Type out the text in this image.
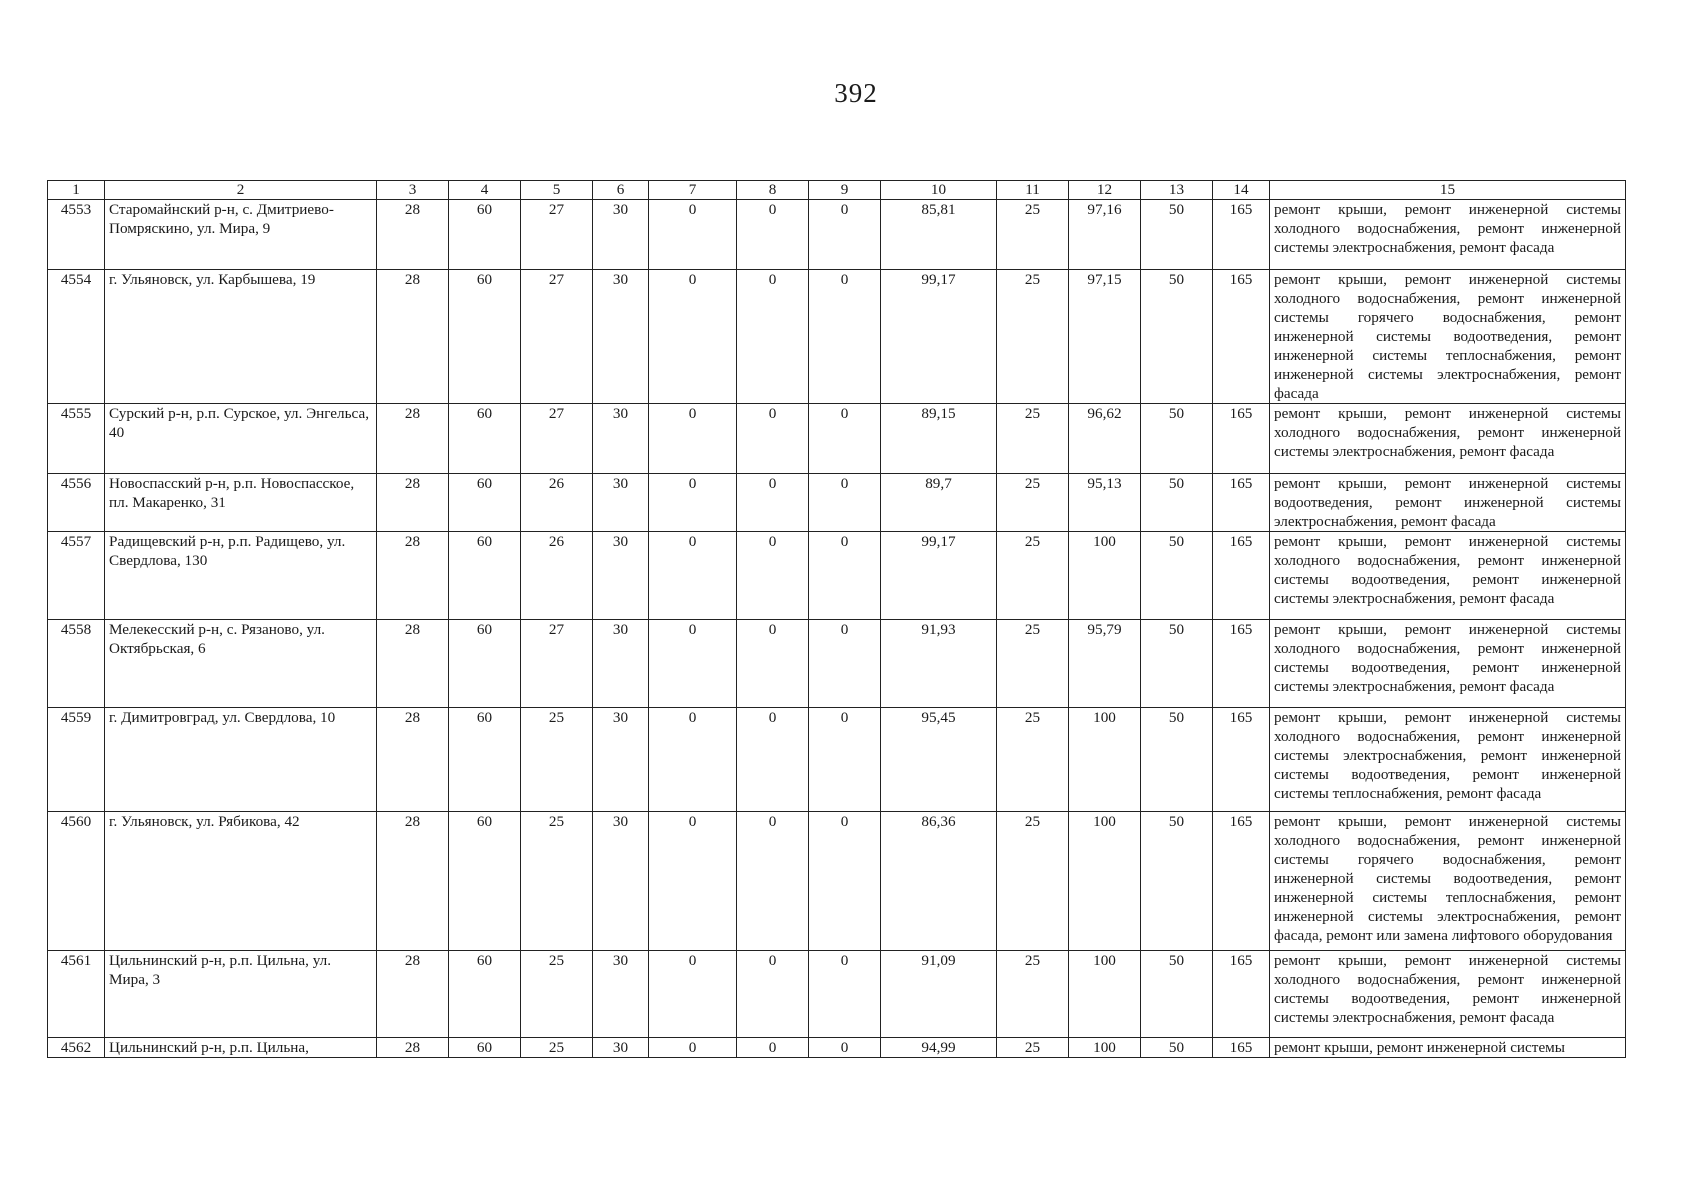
392
1	2	3	4	5	6	7	8	9	10	11	12	13	14	15
4553	Старомайнский р-н, с. Дмитриево-Помряскино, ул. Мира, 9	28	60	27	30	0	0	0	85,81	25	97,16	50	165	ремонт крыши, ремонт инженерной системы холодного водоснабжения, ремонт инженерной системы электроснабжения, ремонт фасада
4554	г. Ульяновск, ул. Карбышева, 19	28	60	27	30	0	0	0	99,17	25	97,15	50	165	ремонт крыши, ремонт инженерной системы холодного водоснабжения, ремонт инженерной системы горячего водоснабжения, ремонт инженерной системы водоотведения, ремонт инженерной системы теплоснабжения, ремонт инженерной системы электроснабжения, ремонт фасада
4555	Сурский р-н, р.п. Сурское, ул. Энгельса, 40	28	60	27	30	0	0	0	89,15	25	96,62	50	165	ремонт крыши, ремонт инженерной системы холодного водоснабжения, ремонт инженерной системы электроснабжения, ремонт фасада
4556	Новоспасский р-н, р.п. Новоспасское, пл. Макаренко, 31	28	60	26	30	0	0	0	89,7	25	95,13	50	165	ремонт крыши, ремонт инженерной системы водоотведения, ремонт инженерной системы электроснабжения, ремонт фасада
4557	Радищевский р-н, р.п. Радищево, ул. Свердлова, 130	28	60	26	30	0	0	0	99,17	25	100	50	165	ремонт крыши, ремонт инженерной системы холодного водоснабжения, ремонт инженерной системы водоотведения, ремонт инженерной системы электроснабжения, ремонт фасада
4558	Мелекесский р-н, с. Рязаново, ул. Октябрьская, 6	28	60	27	30	0	0	0	91,93	25	95,79	50	165	ремонт крыши, ремонт инженерной системы холодного водоснабжения, ремонт инженерной системы водоотведения, ремонт инженерной системы электроснабжения, ремонт фасада
4559	г. Димитровград, ул. Свердлова, 10	28	60	25	30	0	0	0	95,45	25	100	50	165	ремонт крыши, ремонт инженерной системы холодного водоснабжения, ремонт инженерной системы электроснабжения, ремонт инженерной системы водоотведения, ремонт инженерной системы теплоснабжения, ремонт фасада
4560	г. Ульяновск, ул. Рябикова, 42	28	60	25	30	0	0	0	86,36	25	100	50	165	ремонт крыши, ремонт инженерной системы холодного водоснабжения, ремонт инженерной системы горячего водоснабжения, ремонт инженерной системы водоотведения, ремонт инженерной системы теплоснабжения, ремонт инженерной системы электроснабжения, ремонт фасада, ремонт или замена лифтового оборудования
4561	Цильнинский р-н, р.п. Цильна, ул. Мира, 3	28	60	25	30	0	0	0	91,09	25	100	50	165	ремонт крыши, ремонт инженерной системы холодного водоснабжения, ремонт инженерной системы водоотведения, ремонт инженерной системы электроснабжения, ремонт фасада
4562	Цильнинский р-н, р.п. Цильна,	28	60	25	30	0	0	0	94,99	25	100	50	165	ремонт крыши, ремонт инженерной системы
